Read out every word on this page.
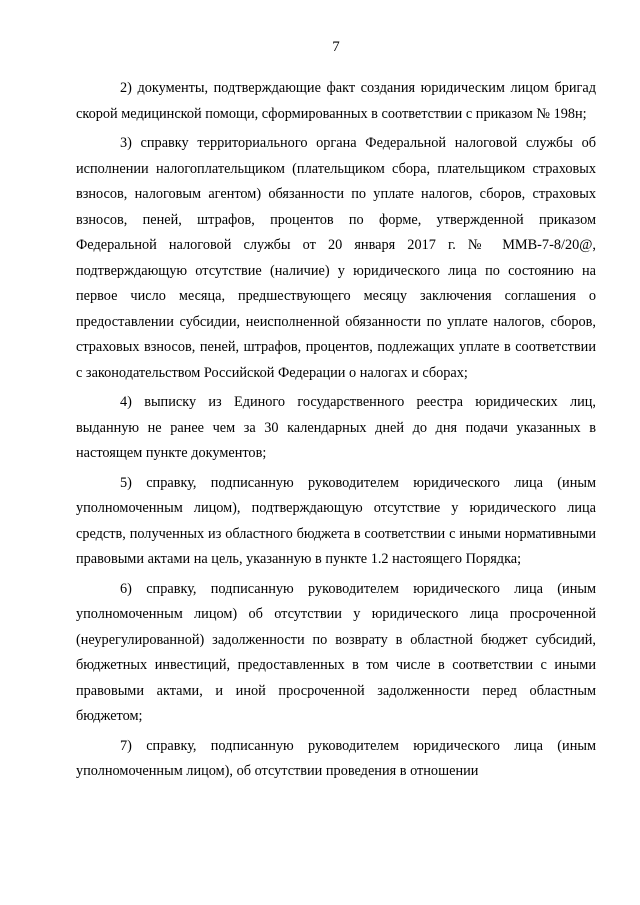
7

2) документы, подтверждающие факт создания юридическим лицом бригад скорой медицинской помощи, сформированных в соответствии с приказом № 198н;

3) справку территориального органа Федеральной налоговой службы об исполнении налогоплательщиком (плательщиком сбора, плательщиком страховых взносов, налоговым агентом) обязанности по уплате налогов, сборов, страховых взносов, пеней, штрафов, процентов по форме, утвержденной приказом Федеральной налоговой службы от 20 января 2017 г. № ММВ-7-8/20@, подтверждающую отсутствие (наличие) у юридического лица по состоянию на первое число месяца, предшествующего месяцу заключения соглашения о предоставлении субсидии, неисполненной обязанности по уплате налогов, сборов, страховых взносов, пеней, штрафов, процентов, подлежащих уплате в соответствии с законодательством Российской Федерации о налогах и сборах;

4) выписку из Единого государственного реестра юридических лиц, выданную не ранее чем за 30 календарных дней до дня подачи указанных в настоящем пункте документов;

5) справку, подписанную руководителем юридического лица (иным уполномоченным лицом), подтверждающую отсутствие у юридического лица средств, полученных из областного бюджета в соответствии с иными нормативными правовыми актами на цель, указанную в пункте 1.2 настоящего Порядка;

6) справку, подписанную руководителем юридического лица (иным уполномоченным лицом) об отсутствии у юридического лица просроченной (неурегулированной) задолженности по возврату в областной бюджет субсидий, бюджетных инвестиций, предоставленных в том числе в соответствии с иными правовыми актами, и иной просроченной задолженности перед областным бюджетом;

7) справку, подписанную руководителем юридического лица (иным уполномоченным лицом), об отсутствии проведения в отношении
